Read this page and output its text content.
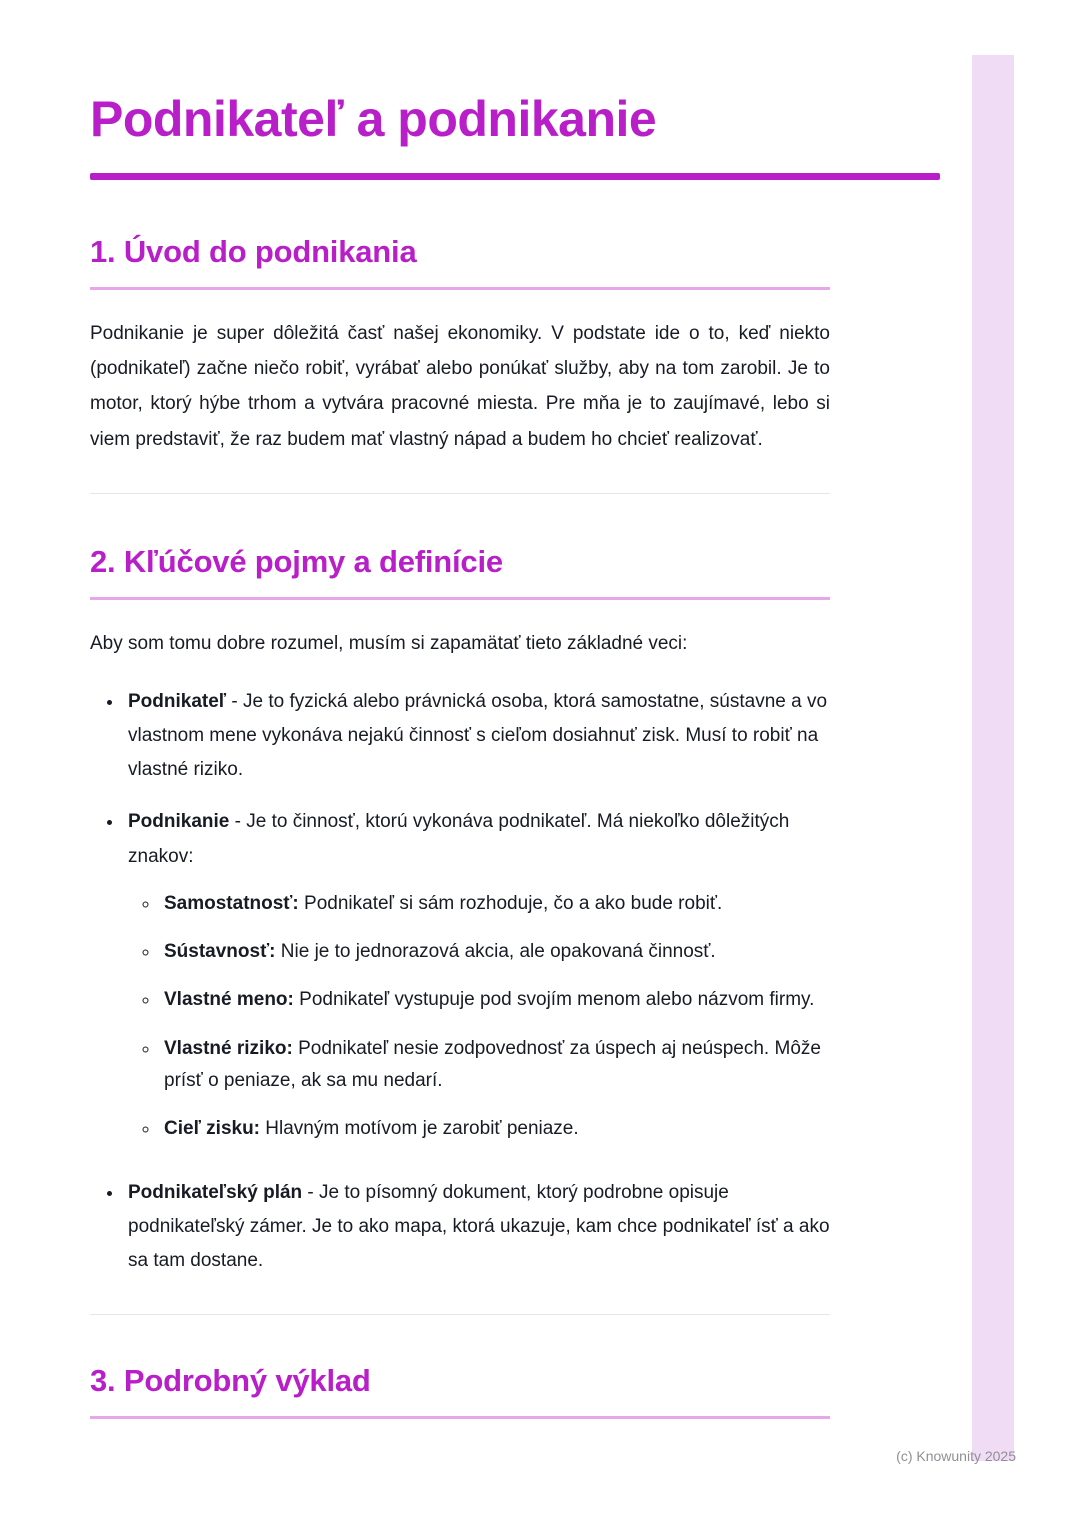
Podnikateľ a podnikanie
1. Úvod do podnikania

Podnikanie je super dôležitá časť našej ekonomiky. V podstate ide o to, keď niekto (podnikateľ) začne niečo robiť, vyrábať alebo ponúkať služby, aby na tom zarobil. Je to motor, ktorý hýbe trhom a vytvára pracovné miesta. Pre mňa je to zaujímavé, lebo si viem predstaviť, že raz budem mať vlastný nápad a budem ho chcieť realizovať.

2. Kľúčové pojmy a definície

Aby som tomu dobre rozumel, musím si zapamätať tieto základné veci:

• Podnikateľ - Je to fyzická alebo právnická osoba, ktorá samostatne, sústavne a vo vlastnom mene vykonáva nejakú činnosť s cieľom dosiahnuť zisk. Musí to robiť na vlastné riziko.
• Podnikanie - Je to činnosť, ktorú vykonáva podnikateľ. Má niekoľko dôležitých znakov:
◦ Samostatnosť: Podnikateľ si sám rozhoduje, čo a ako bude robiť.
◦ Sústavnosť: Nie je to jednorazová akcia, ale opakovaná činnosť.
◦ Vlastné meno: Podnikateľ vystupuje pod svojím menom alebo názvom firmy.
◦ Vlastné riziko: Podnikateľ nesie zodpovednosť za úspech aj neúspech. Môže prísť o peniaze, ak sa mu nedarí.
◦ Cieľ zisku: Hlavným motívom je zarobiť peniaze.
• Podnikateľský plán - Je to písomný dokument, ktorý podrobne opisuje podnikateľský zámer. Je to ako mapa, ktorá ukazuje, kam chce podnikateľ ísť a ako sa tam dostane.
3. Podrobný výklad
(c) Knowunity 2025
